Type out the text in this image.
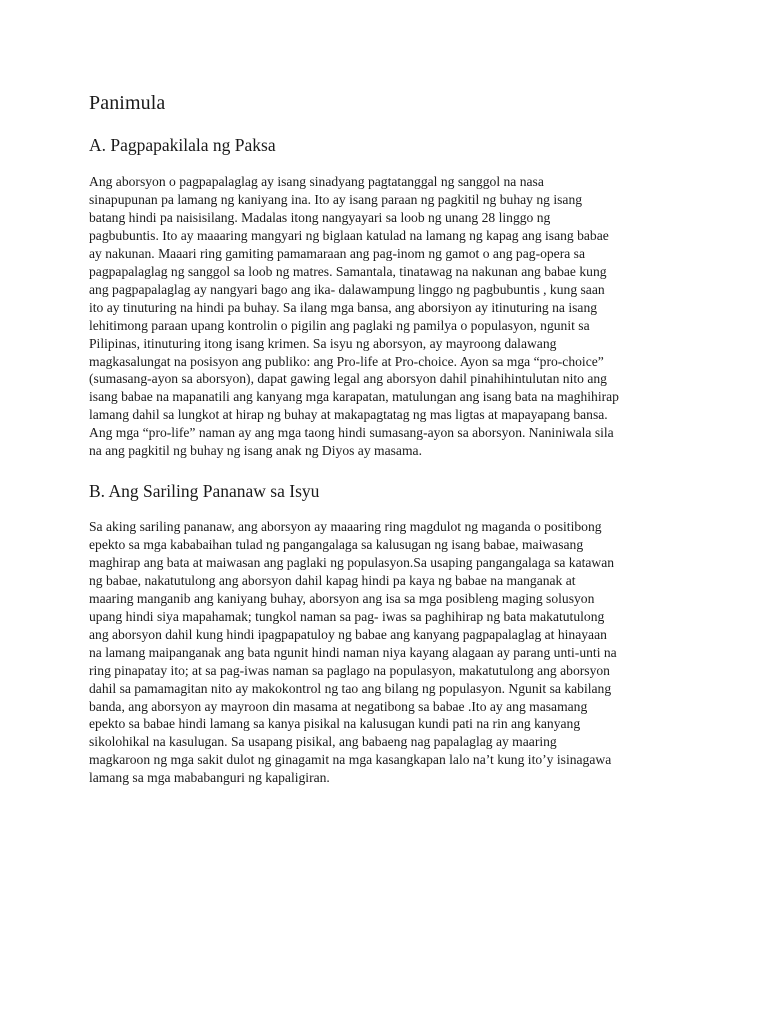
Panimula
A. Pagpapakilala ng Paksa

Ang aborsyon o pagpapalaglag ay isang sinadyang pagtatanggal ng sanggol na nasa
sinapupunan pa lamang ng kaniyang ina. Ito ay isang paraan ng pagkitil ng buhay ng isang
batang hindi pa naisisilang. Madalas itong nangyayari sa loob ng unang 28 linggo ng
pagbubuntis. Ito ay maaaring mangyari ng biglaan katulad na lamang ng kapag ang isang babae
ay nakunan. Maaari ring gamiting pamamaraan ang pag-inom ng gamot o ang pag-opera sa
pagpapalaglag ng sanggol sa loob ng matres. Samantala, tinatawag na nakunan ang babae kung
ang pagpapalaglag ay nangyari bago ang ika- dalawampung linggo ng pagbubuntis , kung saan
ito ay tinuturing na hindi pa buhay. Sa ilang mga bansa, ang aborsiyon ay itinuturing na isang
lehitimong paraan upang kontrolin o pigilin ang paglaki ng pamilya o populasyon, ngunit sa
Pilipinas, itinuturing itong isang krimen. Sa isyu ng aborsyon, ay mayroong dalawang
magkasalungat na posisyon ang publiko: ang Pro-life at Pro-choice. Ayon sa mga “pro-choice”
(sumasang-ayon sa aborsyon), dapat gawing legal ang aborsyon dahil pinahihintulutan nito ang
isang babae na mapanatili ang kanyang mga karapatan, matulungan ang isang bata na maghihirap
lamang dahil sa lungkot at hirap ng buhay at makapagtatag ng mas ligtas at mapayapang bansa.
Ang mga “pro-life” naman ay ang mga taong hindi sumasang-ayon sa aborsyon. Naniniwala sila
na ang pagkitil ng buhay ng isang anak ng Diyos ay masama.

B. Ang Sariling Pananaw sa Isyu

Sa aking sariling pananaw, ang aborsyon ay maaaring ring magdulot ng maganda o positibong
epekto sa mga kababaihan tulad ng pangangalaga sa kalusugan ng isang babae, maiwasang
maghirap ang bata at maiwasan ang paglaki ng populasyon.Sa usaping pangangalaga sa katawan
ng babae, nakatutulong ang aborsyon dahil kapag hindi pa kaya ng babae na manganak at
maaring manganib ang kaniyang buhay, aborsyon ang isa sa mga posibleng maging solusyon
upang hindi siya mapahamak; tungkol naman sa pag- iwas sa paghihirap ng bata makatutulong
ang aborsyon dahil kung hindi ipagpapatuloy ng babae ang kanyang pagpapalaglag at hinayaan
na lamang maipanganak ang bata ngunit hindi naman niya kayang alagaan ay parang unti-unti na
ring pinapatay ito; at sa pag-iwas naman sa paglago na populasyon, makatutulong ang aborsyon
dahil sa pamamagitan nito ay makokontrol ng tao ang bilang ng populasyon. Ngunit sa kabilang
banda, ang aborsyon ay mayroon din masama at negatibong sa babae .Ito ay ang masamang
epekto sa babae hindi lamang sa kanya pisikal na kalusugan kundi pati na rin ang kanyang
sikolohikal na kasulugan. Sa usapang pisikal, ang babaeng nag papalaglag ay maaring
magkaroon ng mga sakit dulot ng ginagamit na mga kasangkapan lalo na’t kung ito’y isinagawa
lamang sa mga mababanguri ng kapaligiran.
